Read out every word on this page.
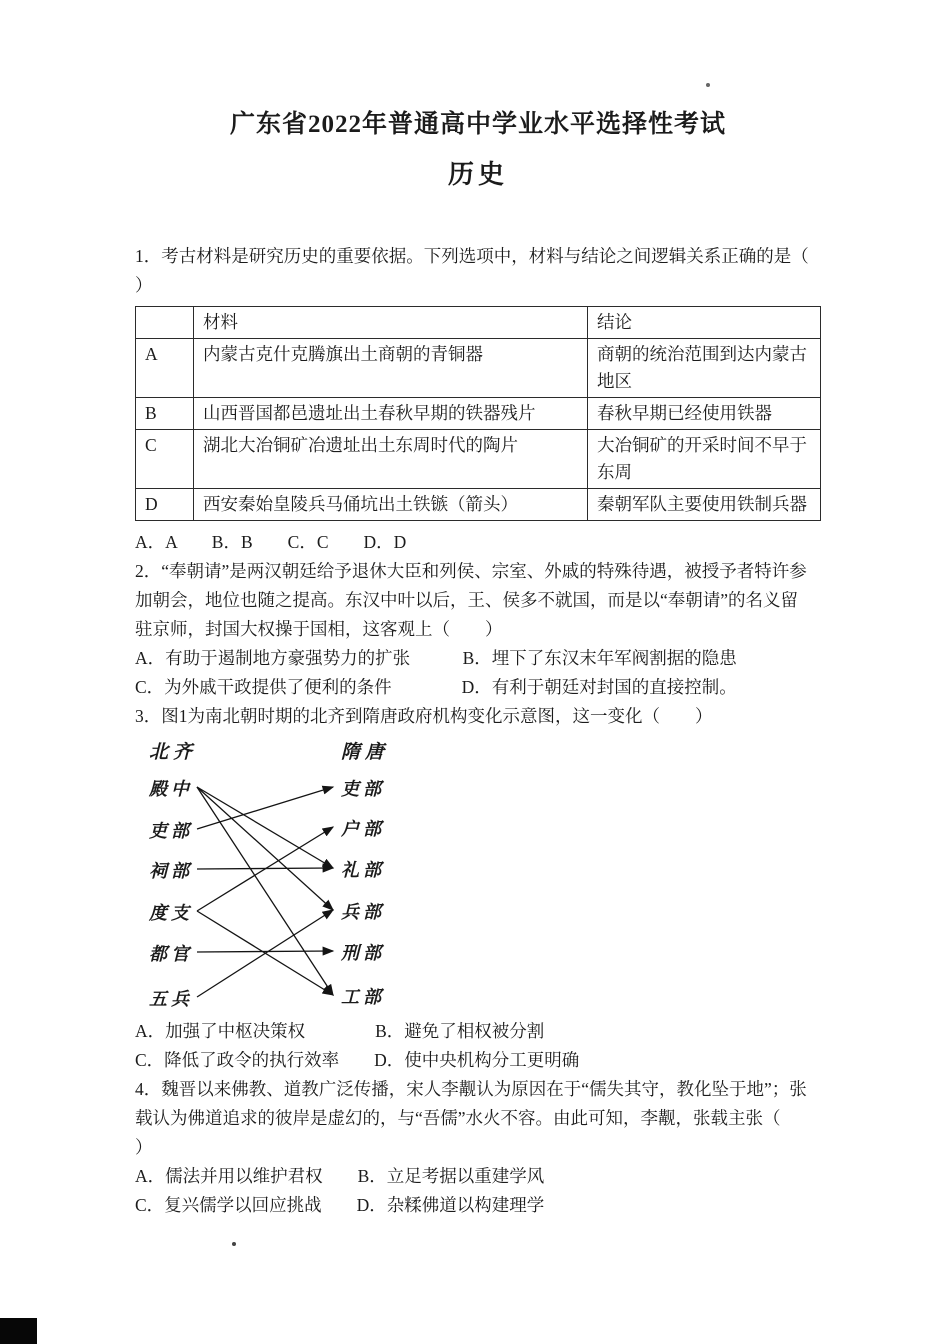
广东省2022年普通高中学业水平选择性考试
历史
1．考古材料是研究历史的重要依据。下列选项中，材料与结论之间逻辑关系正确的是（
）
	材料	结论
A	内蒙古克什克腾旗出土商朝的青铜器	商朝的统治范围到达内蒙古地区
B	山西晋国都邑遗址出土春秋早期的铁器残片	春秋早期已经使用铁器
C	湖北大冶铜矿冶遗址出土东周时代的陶片	大冶铜矿的开采时间不早于东周
D	西安秦始皇陵兵马俑坑出土铁镞（箭头）	秦朝军队主要使用铁制兵器
A．A　　B．B　　C．C　　D．D
2．“奉朝请”是两汉朝廷给予退休大臣和列侯、宗室、外戚的特殊待遇，被授予者特许参
加朝会，地位也随之提高。东汉中叶以后，王、侯多不就国，而是以“奉朝请”的名义留
驻京师，封国大权操于国相，这客观上（　　）
A．有助于遏制地方豪强势力的扩张　　　B．埋下了东汉末年军阀割据的隐患
C．为外戚干政提供了便利的条件　　　　D．有利于朝廷对封国的直接控制。
3．图1为南北朝时期的北齐到隋唐政府机构变化示意图，这一变化（　　）
北齐	隋唐
殿中
吏部
祠部
度支
都官
五兵
吏部
户部
礼部
兵部
刑部
工部
A．加强了中枢决策权　　　　B．避免了相权被分割
C．降低了政令的执行效率　　D．使中央机构分工更明确
4．魏晋以来佛教、道教广泛传播，宋人李觏认为原因在于“儒失其守，教化坠于地”；张
载认为佛道追求的彼岸是虚幻的，与“吾儒”水火不容。由此可知，李觏，张载主张（
）
A．儒法并用以维护君权　　B．立足考据以重建学风
C．复兴儒学以回应挑战　　D．杂糅佛道以构建理学
